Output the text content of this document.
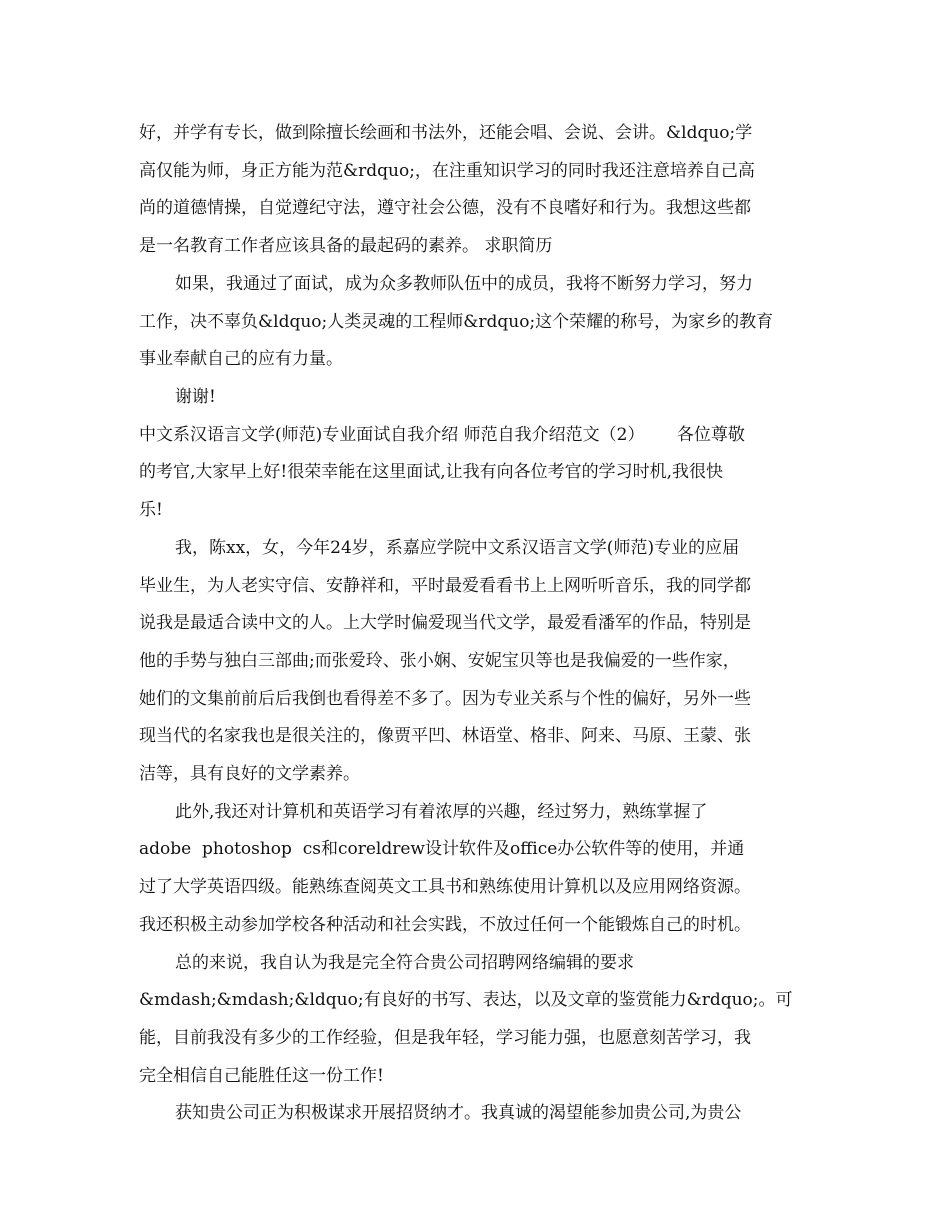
好，并学有专长，做到除擅长绘画和书法外，还能会唱、会说、会讲。&ldquo;学
高仅能为师，身正方能为范&rdquo;，在注重知识学习的同时我还注意培养自己高
尚的道德情操，自觉遵纪守法，遵守社会公德，没有不良嗜好和行为。我想这些都
是一名教育工作者应该具备的最起码的素养。 求职简历
如果，我通过了面试，成为众多教师队伍中的成员，我将不断努力学习，努力
工作，决不辜负&ldquo;人类灵魂的工程师&rdquo;这个荣耀的称号，为家乡的教育
事业奉献自己的应有力量。
谢谢!
中文系汉语言文学(师范)专业面试自我介绍 师范自我介绍范文（2）      各位尊敬
的考官,大家早上好!很荣幸能在这里面试,让我有向各位考官的学习时机,我很快
乐!
我，陈xx，女，今年24岁，系嘉应学院中文系汉语言文学(师范)专业的应届
毕业生，为人老实守信、安静祥和，平时最爱看看书上上网听听音乐，我的同学都
说我是最适合读中文的人。上大学时偏爱现当代文学，最爱看潘军的作品，特别是
他的手势与独白三部曲;而张爱玲、张小娴、安妮宝贝等也是我偏爱的一些作家，
她们的文集前前后后我倒也看得差不多了。因为专业关系与个性的偏好，另外一些
现当代的名家我也是很关注的，像贾平凹、林语堂、格非、阿来、马原、王蒙、张
洁等，具有良好的文学素养。
此外,我还对计算机和英语学习有着浓厚的兴趣，经过努力，熟练掌握了
adobe  photoshop  cs和coreldrew设计软件及office办公软件等的使用，并通
过了大学英语四级。能熟练查阅英文工具书和熟练使用计算机以及应用网络资源。
我还积极主动参加学校各种活动和社会实践，不放过任何一个能锻炼自己的时机。
总的来说，我自认为我是完全符合贵公司招聘网络编辑的要求
&mdash;&mdash;&ldquo;有良好的书写、表达，以及文章的鉴赏能力&rdquo;。可
能，目前我没有多少的工作经验，但是我年轻，学习能力强，也愿意刻苦学习，我
完全相信自己能胜任这一份工作!
获知贵公司正为积极谋求开展招贤纳才。我真诚的渴望能参加贵公司,为贵公
